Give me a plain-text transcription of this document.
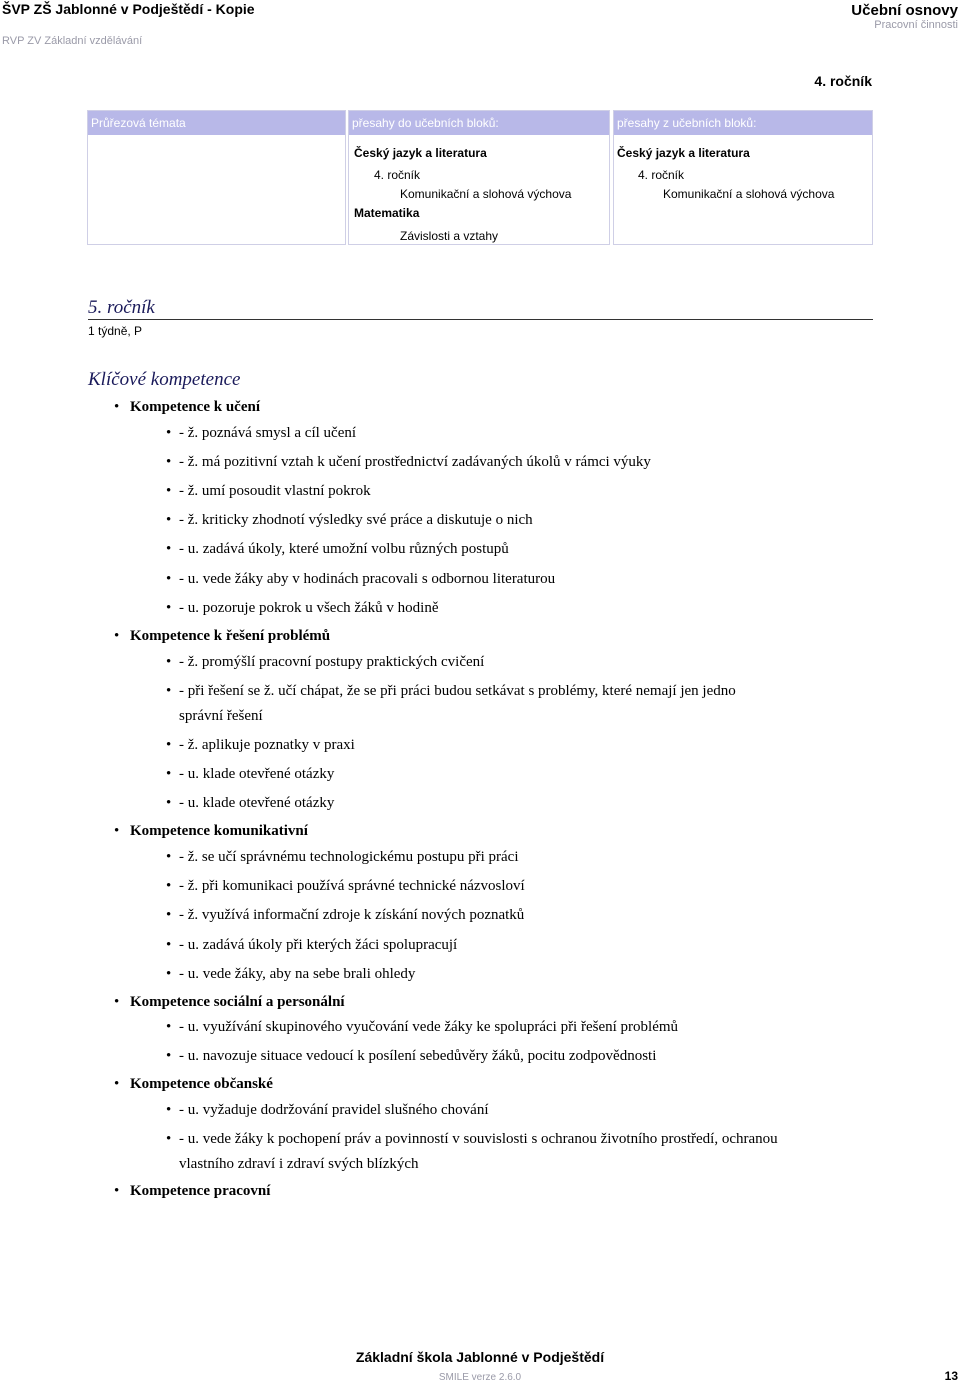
ŠVP ZŠ Jablonné v Podještědí - Kopie
RVP ZV Základní vzdělávání
Učební osnovy
Pracovní činnosti
4. ročník
Průřezová témata	přesahy do učebních bloků:
Český jazyk a literatura
4. ročník
Komunikační a slohová výchova
Matematika
Závislosti a vztahy
přesahy z učebních bloků:
Český jazyk a literatura
4. ročník
Komunikační a slohová výchova
5. ročník
1 týdně, P
Klíčové kompetence
• Kompetence k učení
• - ž. poznává smysl a cíl učení
• - ž. má pozitivní vztah k učení prostřednictví zadávaných úkolů v rámci výuky
• - ž. umí posoudit vlastní pokrok
• - ž. kriticky zhodnotí výsledky své práce a diskutuje o nich
• - u. zadává úkoly, které umožní volbu různých postupů
• - u. vede žáky aby v hodinách pracovali s odbornou literaturou
• - u. pozoruje pokrok u všech žáků v hodině
• Kompetence k řešení problémů
• - ž. promýšlí pracovní postupy praktických cvičení
• - při řešení se ž. učí chápat, že se při práci budou setkávat s problémy, které nemají jen jedno
správní řešení
• - ž. aplikuje poznatky v praxi
• - u. klade otevřené otázky
• - u. klade otevřené otázky
• Kompetence komunikativní
• - ž. se učí správnému technologickému postupu při práci
• - ž. při komunikaci používá správné technické názvosloví
• - ž. využívá informační zdroje k získání nových poznatků
• - u. zadává úkoly při kterých žáci spolupracují
• - u. vede žáky, aby na sebe brali ohledy
• Kompetence sociální a personální
• - u. využívání skupinového vyučování vede žáky ke spolupráci při řešení problémů
• - u. navozuje situace vedoucí k posílení sebedůvěry žáků, pocitu zodpovědnosti
• Kompetence občanské
• - u. vyžaduje dodržování pravidel slušného chování
• - u. vede žáky k pochopení práv a povinností v souvislosti s ochranou životního prostředí, ochranou
vlastního zdraví i zdraví svých blízkých
• Kompetence pracovní
Základní škola Jablonné v Podještědí
SMILE verze 2.6.0	13
